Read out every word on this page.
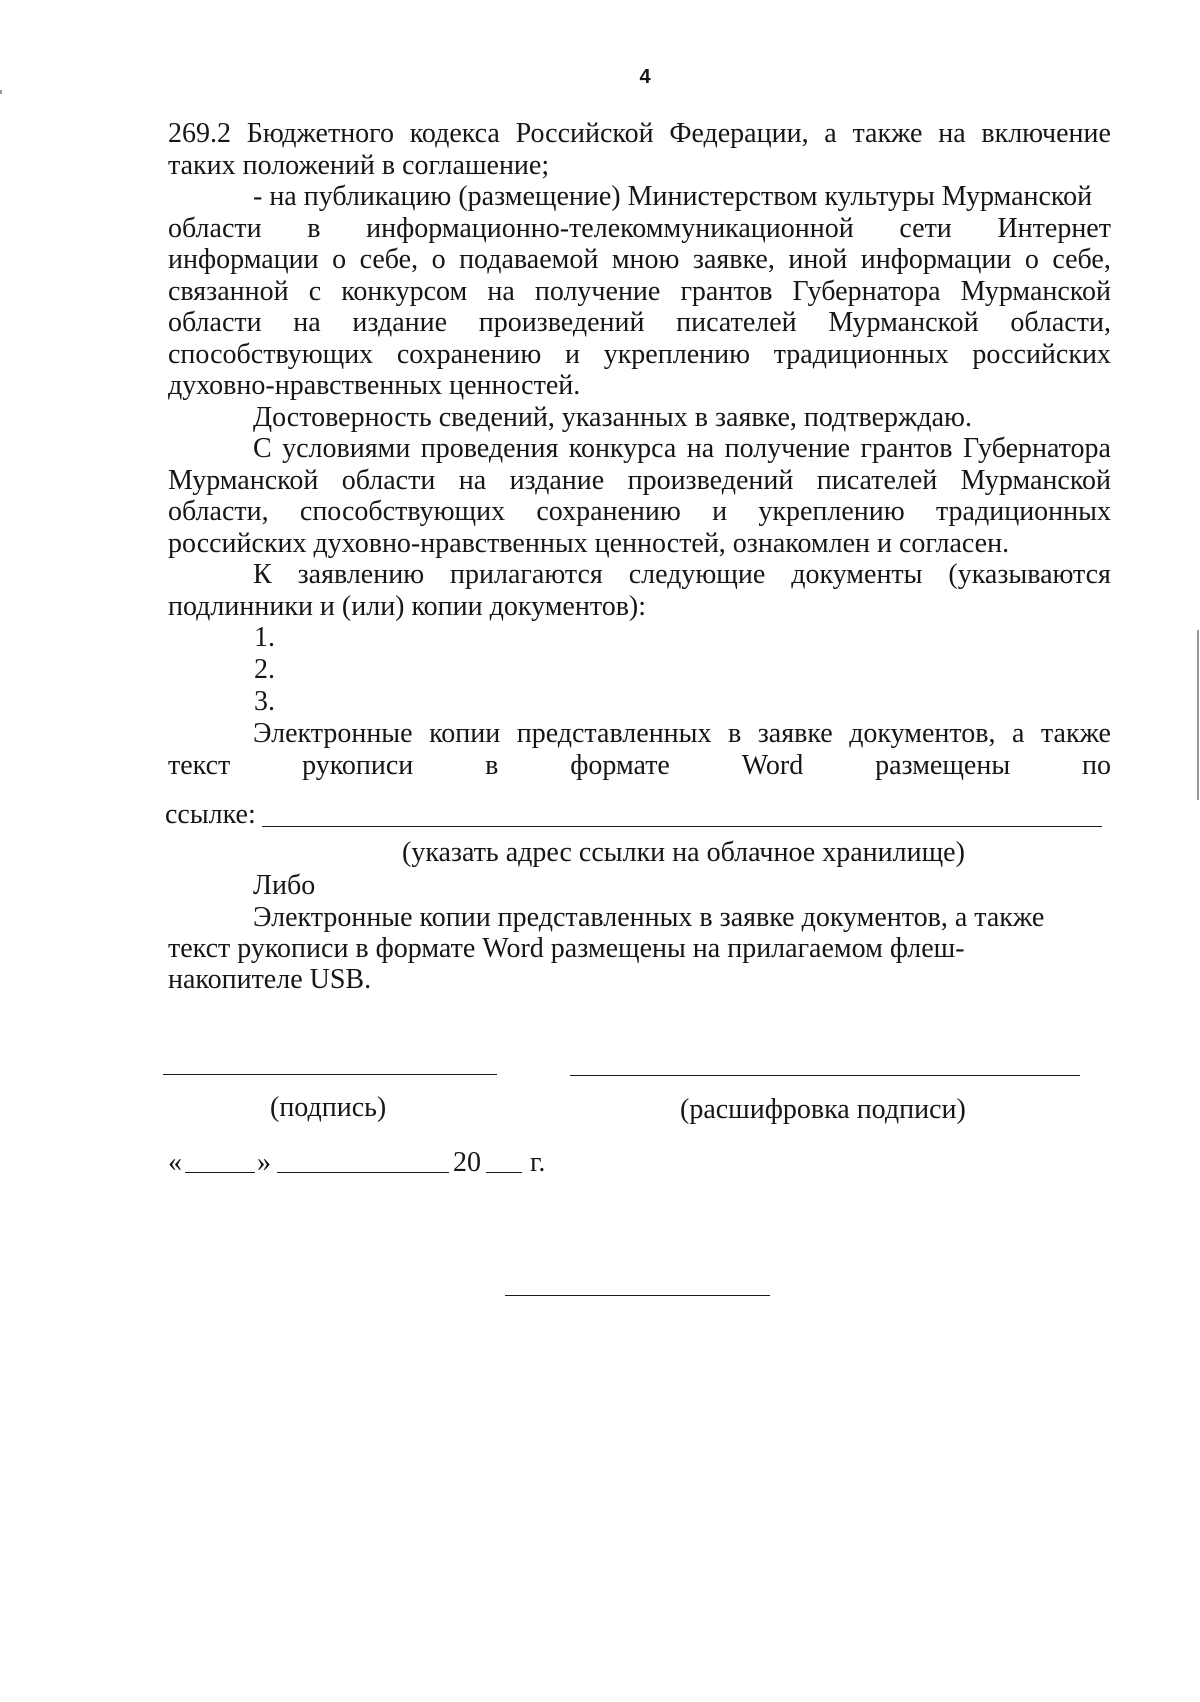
4
269.2 Бюджетного кодекса Российской Федерации, а также на включение
таких положений в соглашение;
- на публикацию (размещение) Министерством культуры Мурманской
области в информационно-телекоммуникационной сети Интернет
информации о себе, о подаваемой мною заявке, иной информации о себе,
связанной с конкурсом на получение грантов Губернатора Мурманской
области на издание произведений писателей Мурманской области,
способствующих сохранению и укреплению традиционных российских
духовно-нравственных ценностей.
Достоверность сведений, указанных в заявке, подтверждаю.
С условиями проведения конкурса на получение грантов Губернатора
Мурманской области на издание произведений писателей Мурманской
области, способствующих сохранению и укреплению традиционных
российских духовно-нравственных ценностей, ознакомлен и согласен.
К заявлению прилагаются следующие документы (указываются
подлинники и (или) копии документов):
1.
2.
3.
Электронные копии представленных в заявке документов, а также
текст	рукописи	в	формате	Word	размещены	по
ссылке:
(указать адрес ссылки на облачное хранилище)
Либо
Электронные копии представленных в заявке документов, а также
текст рукописи в формате Word размещены на прилагаемом флеш-
накопителе USB.
(подпись)	(расшифровка подписи)
«	»	20 г.
